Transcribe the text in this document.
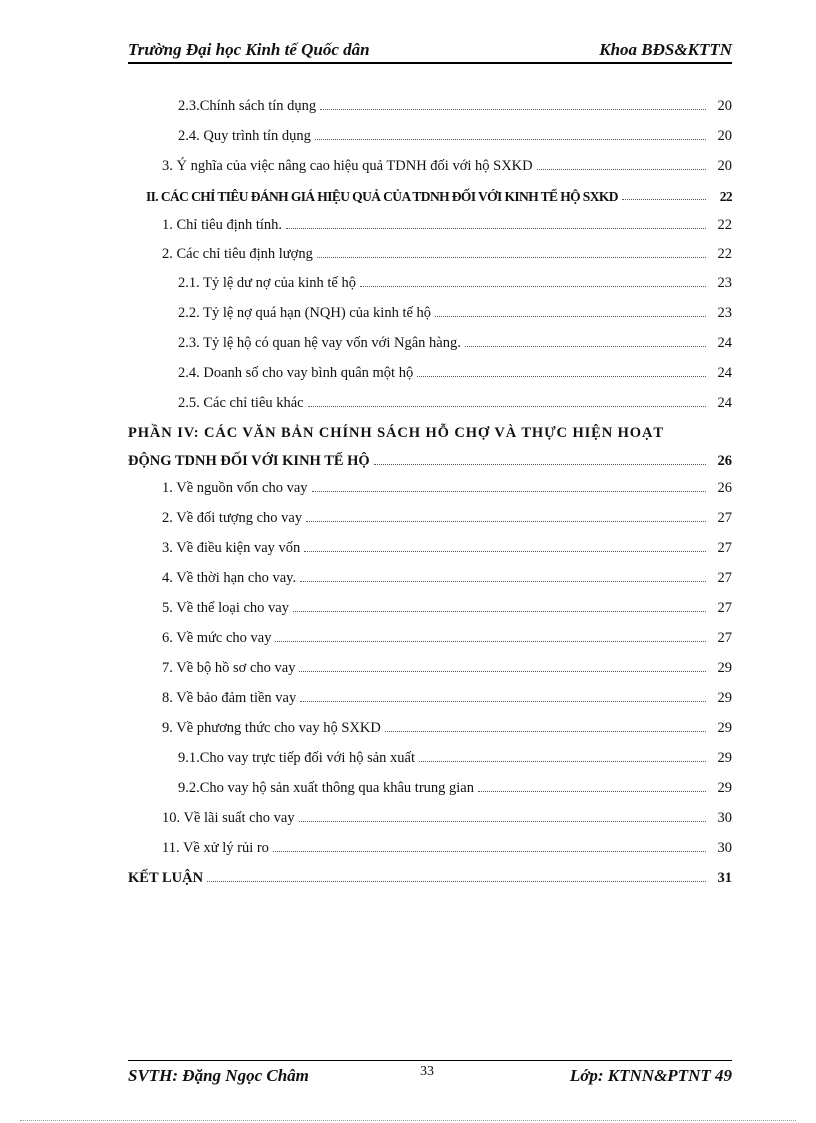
Trường Đại học Kinh tế Quốc dân	Khoa BĐS&KTTN
2.3.Chính sách tín dụng	20
2.4. Quy trình tín dụng	20
3. Ý nghĩa của việc nâng cao hiệu quả TDNH đối với hộ SXKD	20
II. CÁC CHỈ TIÊU ĐÁNH GIÁ HIỆU QUẢ CỦA TDNH ĐỐI VỚI KINH TẾ HỘ SXKD	22
1. Chỉ tiêu định tính.	22
2. Các chỉ tiêu định lượng	22
2.1. Tỷ lệ dư nợ của kinh tế hộ	23
2.2. Tỷ lệ nợ quá hạn (NQH) của kinh tế hộ	23
2.3. Tỷ lệ hộ có quan hệ vay vốn với Ngân hàng.	24
2.4. Doanh số cho vay bình quân một hộ	24
2.5. Các chỉ tiêu khác	24
PHẦN IV: CÁC VĂN BẢN CHÍNH SÁCH HỖ CHỢ VÀ THỰC HIỆN HOẠT
ĐỘNG TDNH ĐỐI VỚI KINH TẾ HỘ	26
1. Về nguồn vốn cho vay	26
2. Về đối tượng cho vay	27
3. Về điều kiện vay vốn	27
4. Về thời hạn cho vay.	27
5. Về thể loại cho vay	27
6. Về mức cho vay	27
7. Về bộ hồ sơ cho vay	29
8. Về bảo đảm tiền vay	29
9. Về phương thức cho vay hộ SXKD	29
9.1.Cho vay trực tiếp đối với hộ sản xuất	29
9.2.Cho vay hộ sản xuất thông qua khâu trung gian	29
10. Về lãi suất cho vay	30
11. Về xử lý rủi ro	30
KẾT LUẬN	31
SVTH: Đặng Ngọc Châm	33	Lớp: KTNN&PTNT 49
